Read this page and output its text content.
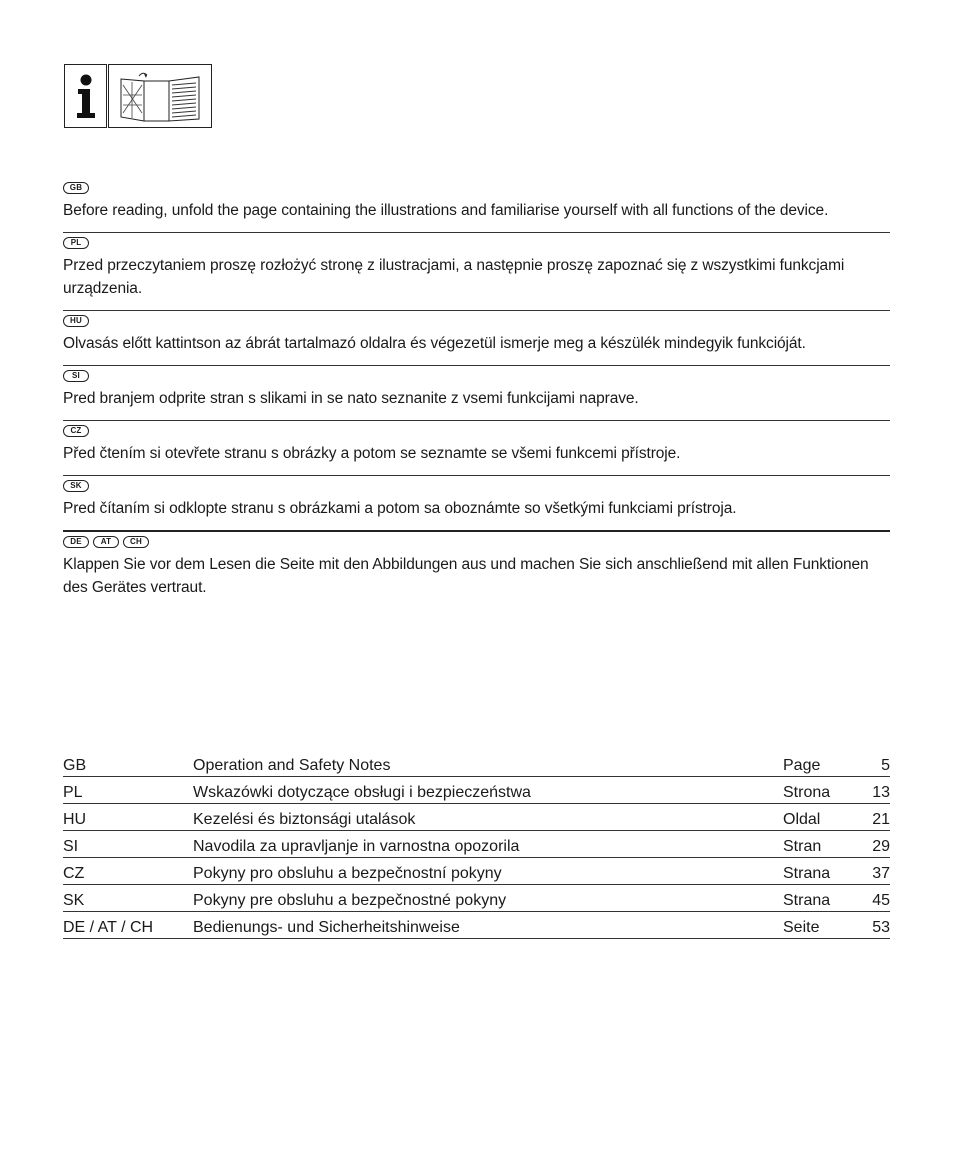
GB
Before reading, unfold the page containing the illustrations and familiarise yourself with all functions of the device.
PL
Przed przeczytaniem proszę rozłożyć stronę z ilustracjami, a następnie proszę zapoznać się z wszystkimi funkcjami urządzenia.
HU
Olvasás előtt kattintson az ábrát tartalmazó oldalra és végezetül ismerje meg a készülék mindegyik funkcióját.
SI
Pred branjem odprite stran s slikami in se nato seznanite z vsemi funkcijami naprave.
CZ
Před čtením si otevřete stranu s obrázky a potom se seznamte se všemi funkcemi přístroje.
SK
Pred čítaním si odklopte stranu s obrázkami a potom sa oboznámte so všetkými funkciami prístroja.
DE	AT	CH
Klappen Sie vor dem Lesen die Seite mit den Abbildungen aus und machen Sie sich anschließend mit allen Funktionen des Gerätes vertraut.
GB	Operation and Safety Notes	Page	5
PL	Wskazówki dotyczące obsługi i bezpieczeństwa	Strona	13
HU	Kezelési és biztonsági utalások	Oldal	21
SI	Navodila za upravljanje in varnostna opozorila	Stran	29
CZ	Pokyny pro obsluhu a bezpečnostní pokyny	Strana	37
SK	Pokyny pre obsluhu a bezpečnostné pokyny	Strana	45
DE / AT / CH	Bedienungs- und Sicherheitshinweise	Seite	53
